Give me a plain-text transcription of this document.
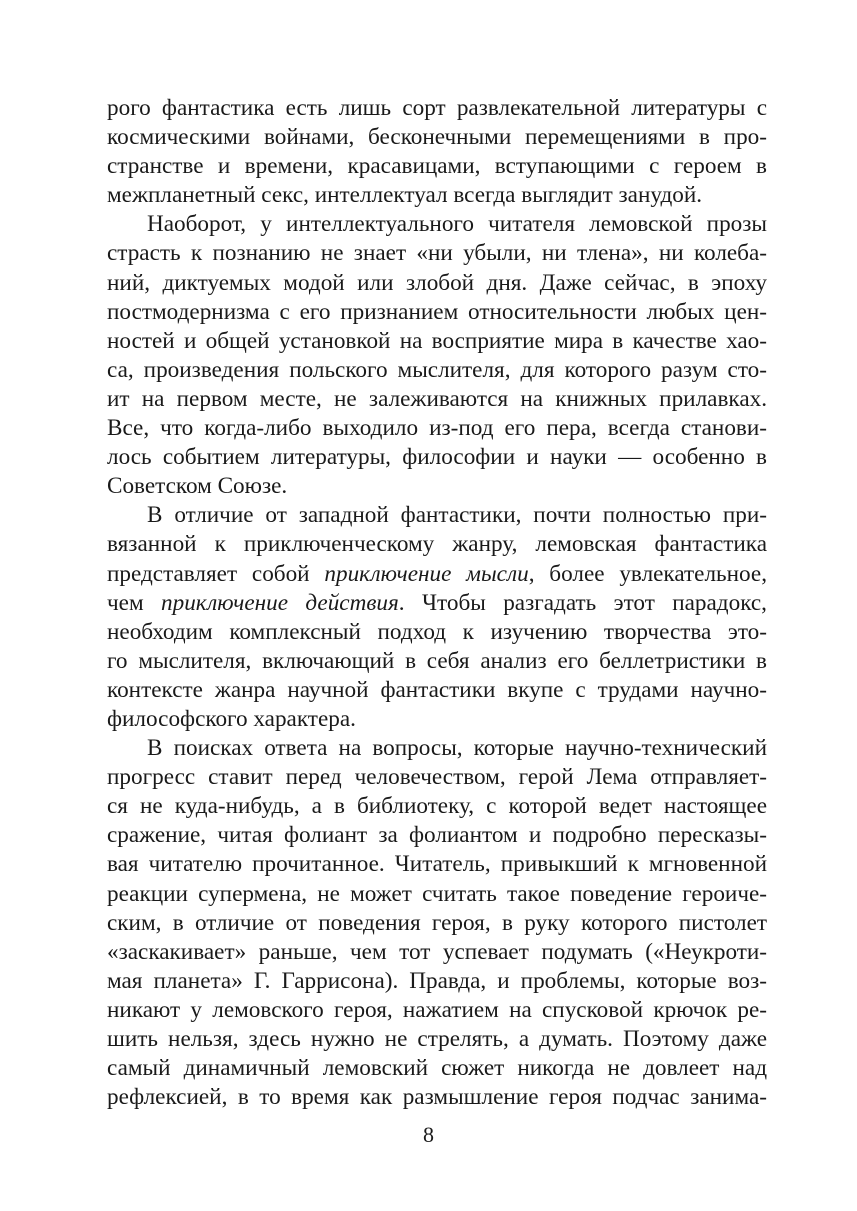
рого фантастика есть лишь сорт развлекательной литературы с
космическими войнами, бесконечными перемещениями в про-
странстве и времени, красавицами, вступающими с героем в
межпланетный секс, интеллектуал всегда выглядит занудой.
Наоборот, у интеллектуального читателя лемовской прозы
страсть к познанию не знает «ни убыли, ни тлена», ни колеба-
ний, диктуемых модой или злобой дня. Даже сейчас, в эпоху
постмодернизма с его признанием относительности любых цен-
ностей и общей установкой на восприятие мира в качестве хао-
са, произведения польского мыслителя, для которого разум сто-
ит на первом месте, не залеживаются на книжных прилавках.
Все, что когда-либо выходило из-под его пера, всегда станови-
лось событием литературы, философии и науки — особенно в
Советском Союзе.
В отличие от западной фантастики, почти полностью при-
вязанной к приключенческому жанру, лемовская фантастика
представляет собой приключение мысли, более увлекательное,
чем приключение действия. Чтобы разгадать этот парадокс,
необходим комплексный подход к изучению творчества это-
го мыслителя, включающий в себя анализ его беллетристики в
контексте жанра научной фантастики вкупе с трудами научно-
философского характера.
В поисках ответа на вопросы, которые научно-технический
прогресс ставит перед человечеством, герой Лема отправляет-
ся не куда-нибудь, а в библиотеку, с которой ведет настоящее
сражение, читая фолиант за фолиантом и подробно пересказы-
вая читателю прочитанное. Читатель, привыкший к мгновенной
реакции супермена, не может считать такое поведение героиче-
ским, в отличие от поведения героя, в руку которого пистолет
«заскакивает» раньше, чем тот успевает подумать («Неукроти-
мая планета» Г. Гаррисона). Правда, и проблемы, которые воз-
никают у лемовского героя, нажатием на спусковой крючок ре-
шить нельзя, здесь нужно не стрелять, а думать. Поэтому даже
самый динамичный лемовский сюжет никогда не довлеет над
рефлексией, в то время как размышление героя подчас занима-
8
